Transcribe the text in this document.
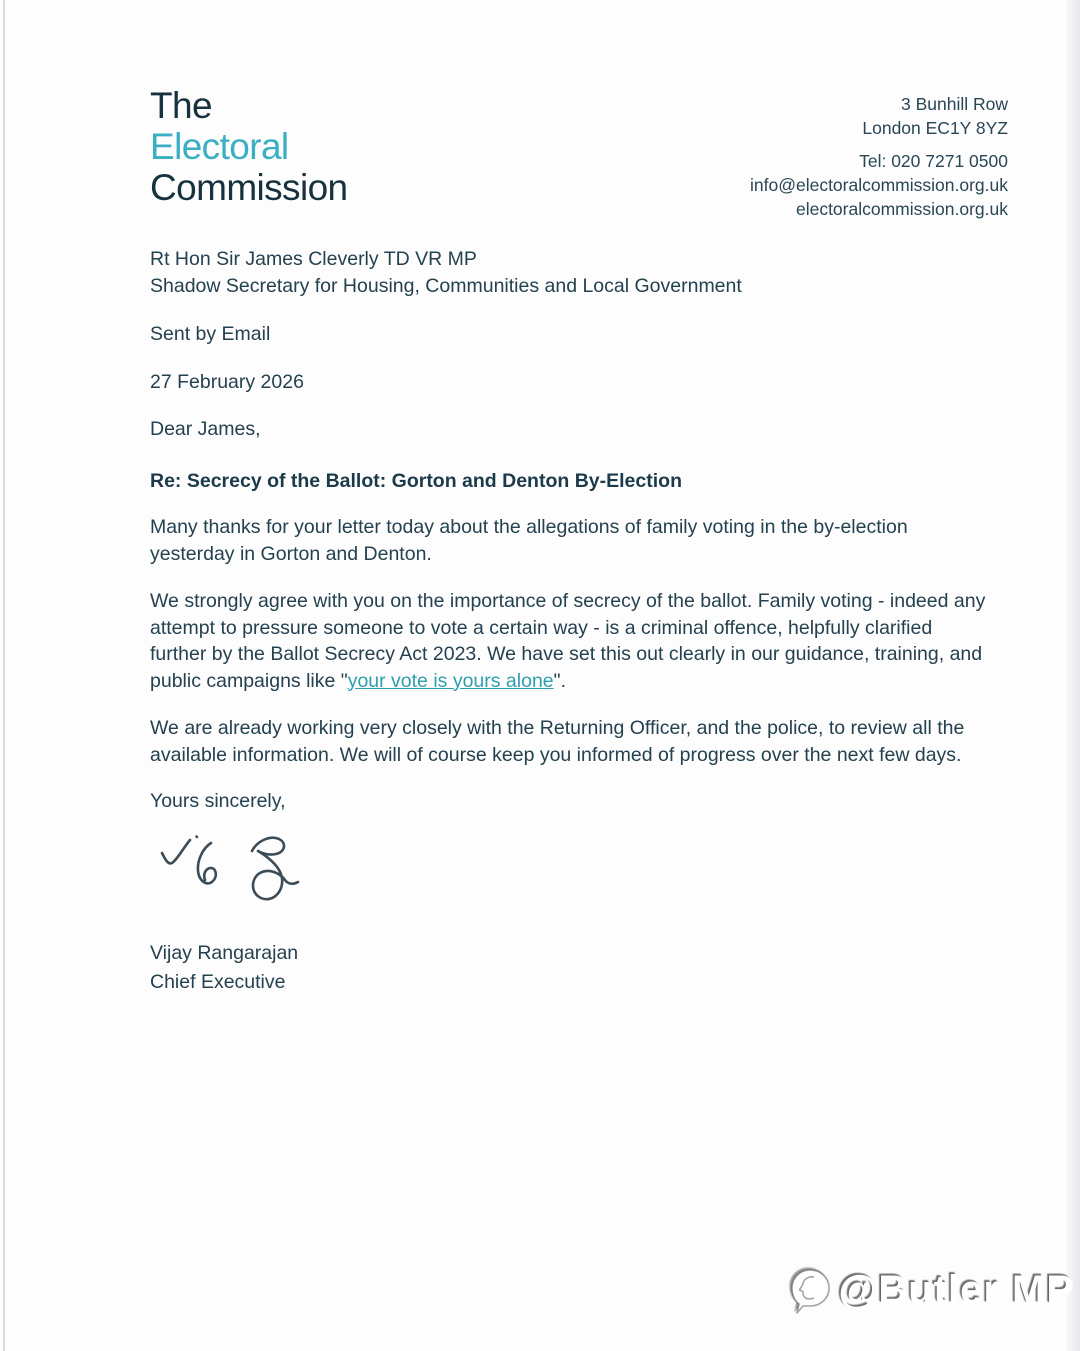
The
Electoral
Commission
3 Bunhill Row
London EC1Y 8YZ
Tel: 020 7271 0500
info@electoralcommission.org.uk
electoralcommission.org.uk
Rt Hon Sir James Cleverly TD VR MP
Shadow Secretary for Housing, Communities and Local Government

Sent by Email

27 February 2026

Dear James,

Re: Secrecy of the Ballot: Gorton and Denton By-Election

Many thanks for your letter today about the allegations of family voting in the by-election yesterday in Gorton and Denton.

We strongly agree with you on the importance of secrecy of the ballot. Family voting - indeed any attempt to pressure someone to vote a certain way - is a criminal offence, helpfully clarified further by the Ballot Secrecy Act 2023. We have set this out clearly in our guidance, training, and public campaigns like "your vote is yours alone".

We are already working very closely with the Returning Officer, and the police, to review all the available information. We will of course keep you informed of progress over the next few days.

Yours sincerely,

Vijay Rangarajan
Chief Executive
@Butler MP
